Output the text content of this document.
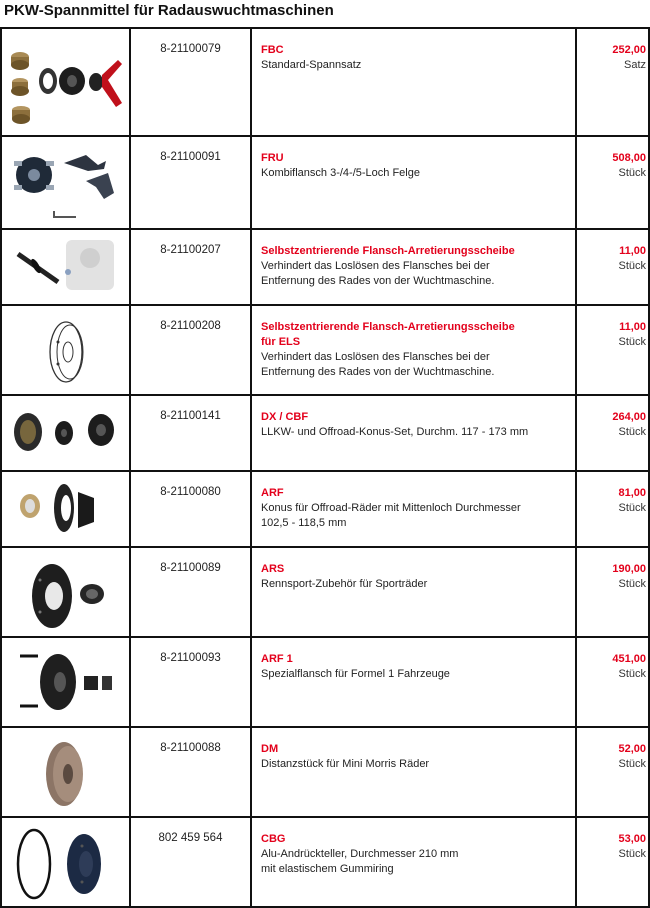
PKW-Spannmittel für Radauswuchtmaschinen
	8-21100079	FBC
Standard-Spannsatz	252,00
Satz

	8-21100091	FRU
Kombiflansch 3-/4-/5-Loch Felge	508,00
Stück

	8-21100207	Selbstzentrierende Flansch-Arretierungsscheibe
Verhindert das Loslösen des Flansches bei der
Entfernung des Rades von der Wuchtmaschine.	11,00
Stück

	8-21100208	Selbstzentrierende Flansch-Arretierungsscheibe
für ELS
Verhindert das Loslösen des Flansches bei der
Entfernung des Rades von der Wuchtmaschine.	11,00
Stück

	8-21100141	DX / CBF
LLKW- und Offroad-Konus-Set, Durchm. 117 - 173 mm	264,00
Stück

	8-21100080	ARF
Konus für Offroad-Räder mit Mittenloch Durchmesser
102,5 - 118,5 mm	81,00
Stück

	8-21100089	ARS
Rennsport-Zubehör für Sporträder	190,00
Stück

	8-21100093	ARF 1
Spezialflansch für Formel 1 Fahrzeuge	451,00
Stück

	8-21100088	DM
Distanzstück für Mini Morris Räder	52,00
Stück

	802 459 564	CBG
Alu-Andrückteller, Durchmesser 210 mm
mit elastischem Gummiring	53,00
Stück
